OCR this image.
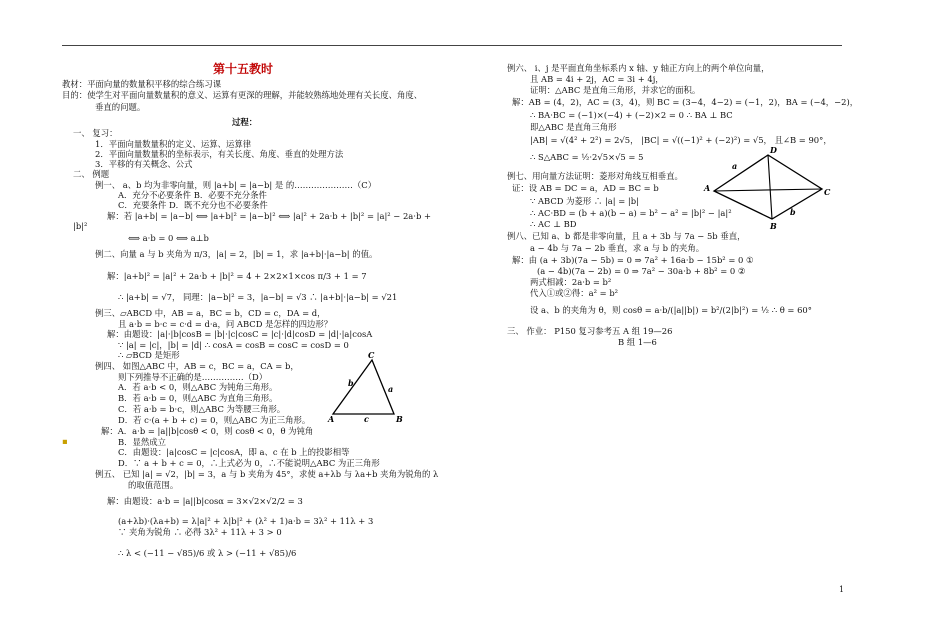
第十五教时
教材：平面向量的数量积平移的综合练习课
目的：使学生对平面向量数量积的意义、运算有更深的理解，并能较熟练地处理有关长度、角度、
垂直的问题。
过程：
一、 复习：
1．平面向量数量积的定义、运算、运算律
2．平面向量数量积的坐标表示，有关长度、角度、垂直的处理方法
3．平移的有关概念、公式
二、 例题
例一、 a、b 均为非零向量，则 |a+b| = |a−b| 是 的…………………（C）
A．充分不必要条件 B．必要不充分条件
C．充要条件 D．既不充分也不必要条件
解：若 |a+b| = |a−b| ⟺ |a+b|² = |a−b|² ⟺ |a|² + 2a·b + |b|² = |a|² − 2a·b +
|b|²
⟺ a·b = 0 ⟺ a⊥b
例二、向量 a 与 b 夹角为 π/3，|a| = 2，|b| = 1，求 |a+b|·|a−b| 的值。
解：|a+b|² = |a|² + 2a·b + |b|² = 4 + 2×2×1×cos π/3 + 1 = 7
∴ |a+b| = √7， 同理：|a−b|² = 3，|a−b| = √3 ∴ |a+b|·|a−b| = √21
例三、▱ABCD 中，AB = a，BC = b，CD = c，DA = d，
且 a·b = b·c = c·d = d·a，问 ABCD 是怎样的四边形？
解：由题设：|a|·|b|cosB = |b|·|c|cosC = |c|·|d|cosD = |d|·|a|cosA
∵ |a| = |c|，|b| = |d| ∴ cosA = cosB = cosC = cosD = 0
∴ ▱BCD 是矩形
例四、 如图△ABC 中，AB = c，BC = a，CA = b，
则下列推导不正确的是……………（D）
A．若 a·b < 0，则△ABC 为钝角三角形。
B．若 a·b = 0，则△ABC 为直角三角形。
C．若 a·b = b·c，则△ABC 为等腰三角形。
D．若 c·(a + b + c) = 0，则△ABC 为正三角形。
解：A．a·b = |a||b|cosθ < 0，则 cosθ < 0，θ 为钝角
B．显然成立
C．由题设：|a|cosC = |c|cosA，即 a、c 在 b 上的投影相等
D．∵ a + b + c = 0，∴上式必为 0，∴不能说明△ABC 为正三角形
例五、 已知 |a| = √2，|b| = 3，a 与 b 夹角为 45°，求使 a+λb 与 λa+b 夹角为锐角的 λ
的取值范围。
解：由题设：a·b = |a||b|cosα = 3×√2×√2/2 = 3
(a+λb)·(λa+b) = λ|a|² + λ|b|² + (λ² + 1)a·b = 3λ² + 11λ + 3
∵ 夹角为锐角 ∴ 必得 3λ² + 11λ + 3 > 0
∴ λ < (−11 − √85)/6 或 λ > (−11 + √85)/6
▪
C
b
a
A	c	B
例六、 i、j 是平面直角坐标系内 x 轴、y 轴正方向上的两个单位向量，
且 AB = 4i + 2j，AC = 3i + 4j，
证明：△ABC 是直角三角形，并求它的面积。
解：AB = (4，2)，AC = (3，4)，则 BC = (3−4，4−2) = (−1，2)，BA = (−4，−2)，
∴ BA·BC = (−1)×(−4) + (−2)×2 = 0 ∴ BA ⊥ BC
即△ABC 是直角三角形
|AB| = √(4² + 2²) = 2√5， |BC| = √((−1)² + (−2)²) = √5， 且∠B = 90°，
∴ S△ABC = ½·2√5×√5 = 5
例七、用向量方法证明：菱形对角线互相垂直。
证：设 AB = DC = a，AD = BC = b
∵ ABCD 为菱形 ∴ |a| = |b|
∴ AC·BD = (b + a)(b − a) = b² − a² = |b|² − |a|²
∴ AC ⊥ BD
例八、已知 a、b 都是非零向量，且 a + 3b 与 7a − 5b 垂直，
a − 4b 与 7a − 2b 垂直，求 a 与 b 的夹角。
解：由 (a + 3b)(7a − 5b) = 0 ⇒ 7a² + 16a·b − 15b² = 0 ①
(a − 4b)(7a − 2b) = 0 ⇒ 7a² − 30a·b + 8b² = 0 ②
两式相减：2a·b = b²
代入①或②得：a² = b²
设 a、b 的夹角为 θ，则 cosθ = a·b/(|a||b|) = b²/(2|b|²) = ½ ∴ θ = 60°
三、 作业： P150 复习参考五 A 组 19—26
B 组 1—6
D
a
A
b
C
B
1
